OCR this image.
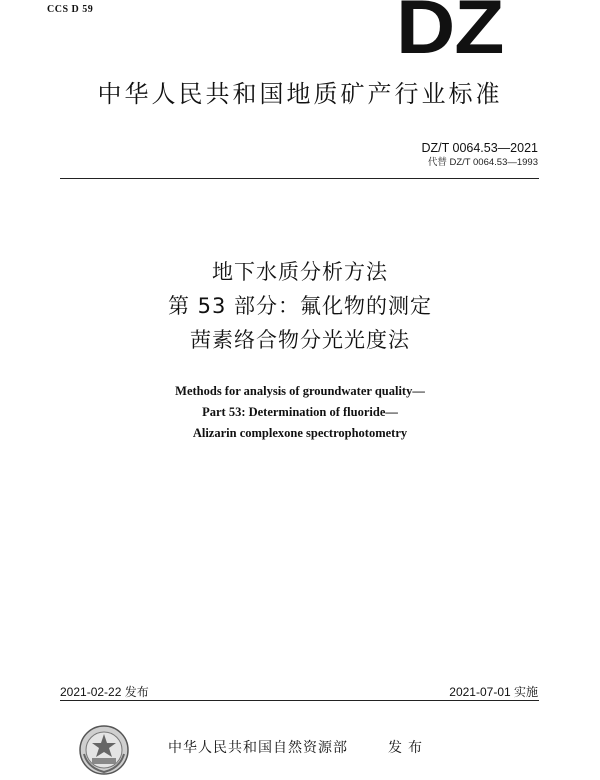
CCS D 59	DZ
中华人民共和国地质矿产行业标准
DZ/T 0064.53—2021
代替 DZ/T 0064.53—1993
地下水质分析方法
第 53 部分：氟化物的测定
茜素络合物分光光度法
Methods for analysis of groundwater quality—
Part 53: Determination of fluoride—
Alizarin complexone spectrophotometry
2021-02-22 发布	2021-07-01 实施
中华人民共和国自然资源部	发布
